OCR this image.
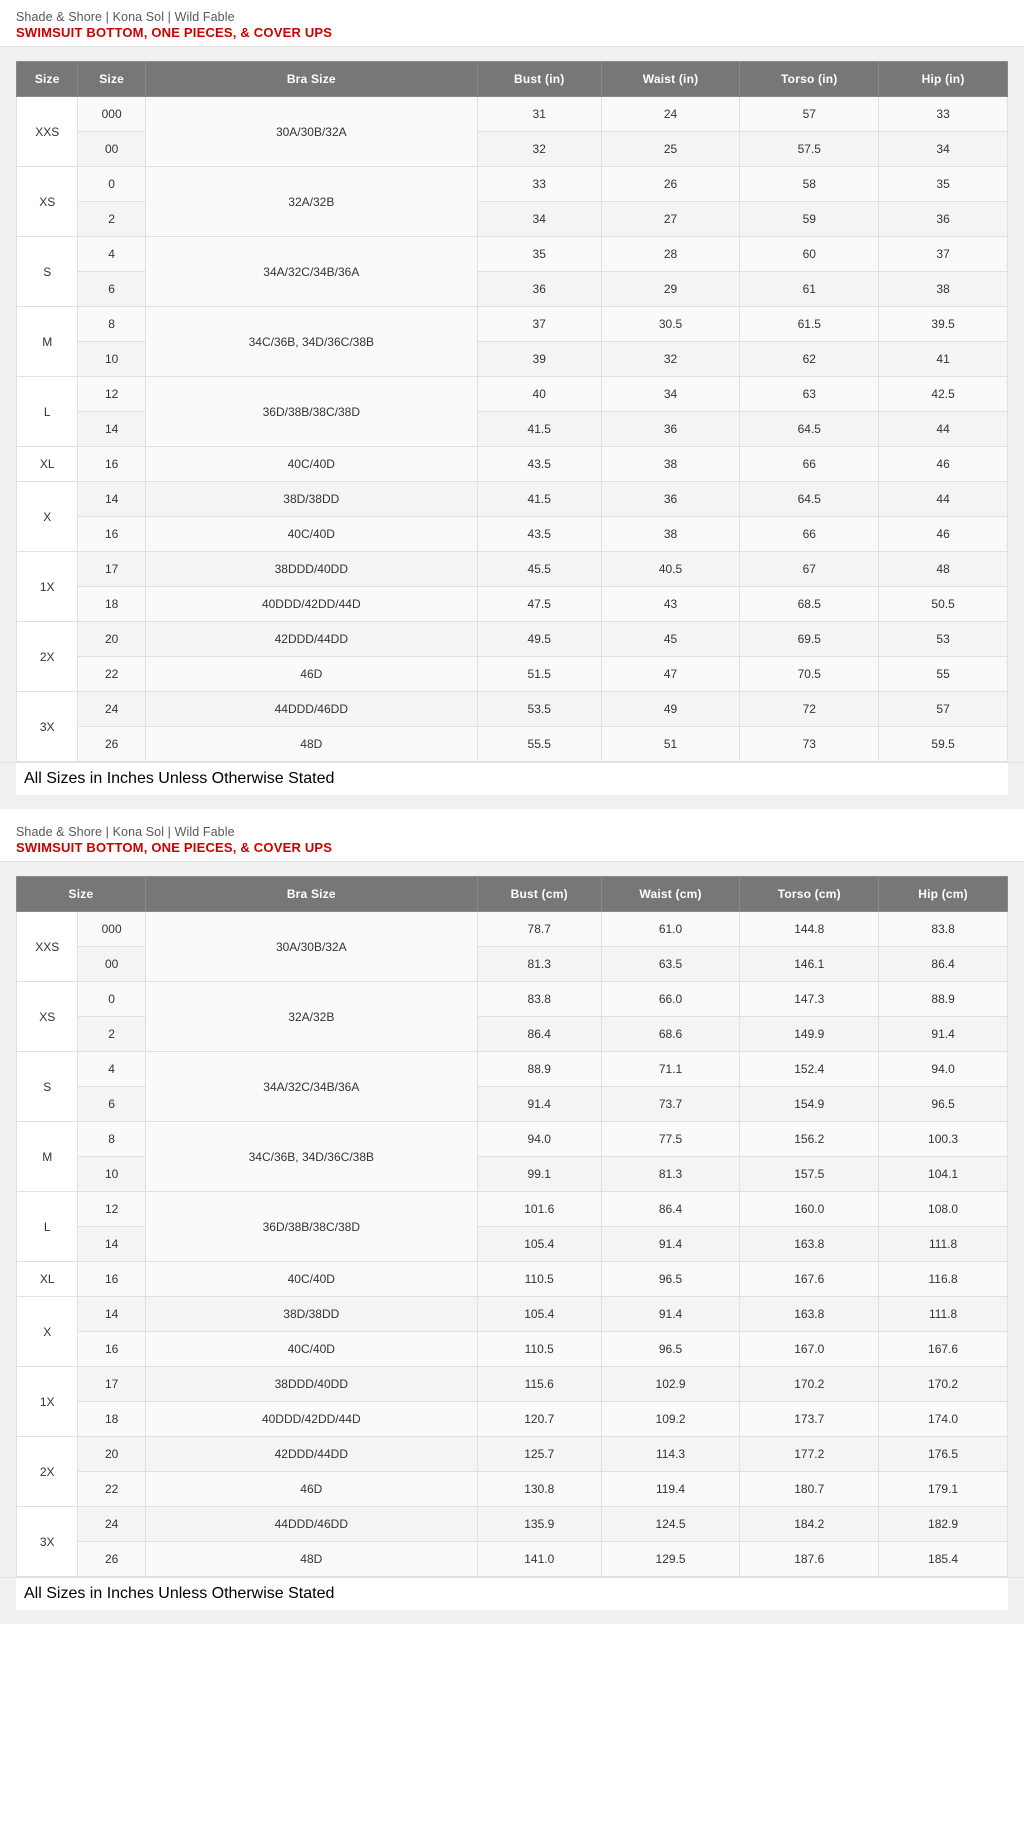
Shade & Shore | Kona Sol | Wild Fable
SWIMSUIT BOTTOM, ONE PIECES, & COVER UPS
Size	Size	Bra Size	Bust (in)	Waist (in)	Torso (in)	Hip (in)
XXS	000	30A/30B/32A	31	24	57	33
	00		32	25	57.5	34
XS	0	32A/32B	33	26	58	35
	2		34	27	59	36
S	4	34A/32C/34B/36A	35	28	60	37
	6		36	29	61	38
M	8	34C/36B, 34D/36C/38B	37	30.5	61.5	39.5
	10		39	32	62	41
L	12	36D/38B/38C/38D	40	34	63	42.5
	14		41.5	36	64.5	44
XL	16	40C/40D	43.5	38	66	46
X	14	38D/38DD	41.5	36	64.5	44
	16	40C/40D	43.5	38	66	46
1X	17	38DDD/40DD	45.5	40.5	67	48
	18	40DDD/42DD/44D	47.5	43	68.5	50.5
2X	20	42DDD/44DD	49.5	45	69.5	53
	22	46D	51.5	47	70.5	55
3X	24	44DDD/46DD	53.5	49	72	57
	26	48D	55.5	51	73	59.5
All Sizes in Inches Unless Otherwise Stated
Shade & Shore | Kona Sol | Wild Fable
SWIMSUIT BOTTOM, ONE PIECES, & COVER UPS
Size		Bra Size	Bust (cm)	Waist (cm)	Torso (cm)	Hip (cm)
XXS	000	30A/30B/32A	78.7	61.0	144.8	83.8
	00		81.3	63.5	146.1	86.4
XS	0	32A/32B	83.8	66.0	147.3	88.9
	2		86.4	68.6	149.9	91.4
S	4	34A/32C/34B/36A	88.9	71.1	152.4	94.0
	6		91.4	73.7	154.9	96.5
M	8	34C/36B, 34D/36C/38B	94.0	77.5	156.2	100.3
	10		99.1	81.3	157.5	104.1
L	12	36D/38B/38C/38D	101.6	86.4	160.0	108.0
	14		105.4	91.4	163.8	111.8
XL	16	40C/40D	110.5	96.5	167.6	116.8
X	14	38D/38DD	105.4	91.4	163.8	111.8
	16	40C/40D	110.5	96.5	167.0	167.6
1X	17	38DDD/40DD	115.6	102.9	170.2	170.2
	18	40DDD/42DD/44D	120.7	109.2	173.7	174.0
2X	20	42DDD/44DD	125.7	114.3	177.2	176.5
	22	46D	130.8	119.4	180.7	179.1
3X	24	44DDD/46DD	135.9	124.5	184.2	182.9
	26	48D	141.0	129.5	187.6	185.4
All Sizes in Inches Unless Otherwise Stated
